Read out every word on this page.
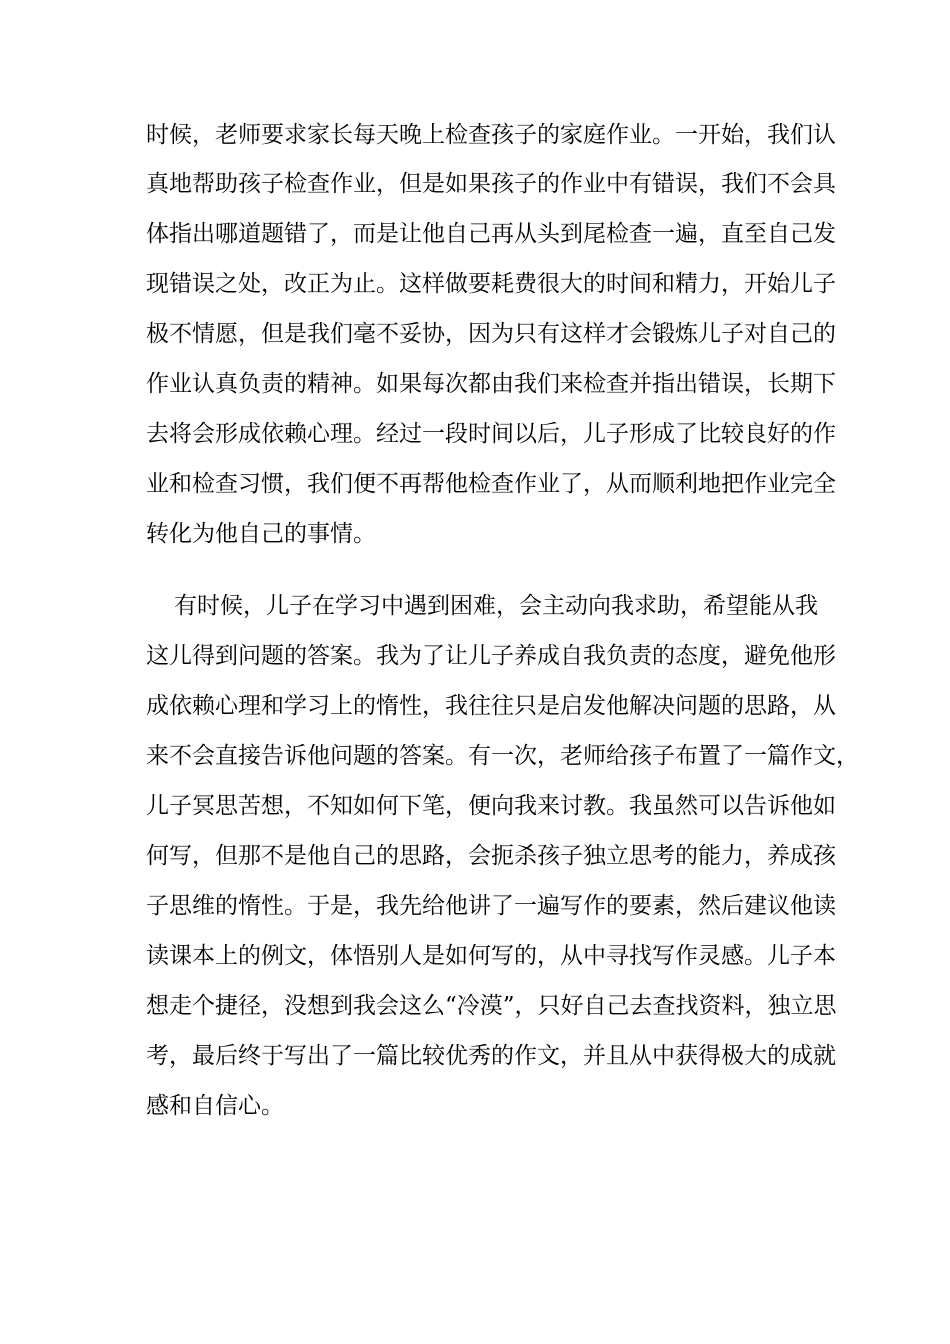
时候，老师要求家长每天晚上检查孩子的家庭作业。一开始，我们认

真地帮助孩子检查作业，但是如果孩子的作业中有错误，我们不会具

体指出哪道题错了，而是让他自己再从头到尾检查一遍，直至自己发

现错误之处，改正为止。这样做要耗费很大的时间和精力，开始儿子

极不情愿，但是我们毫不妥协，因为只有这样才会锻炼儿子对自己的

作业认真负责的精神。如果每次都由我们来检查并指出错误，长期下

去将会形成依赖心理。经过一段时间以后，儿子形成了比较良好的作

业和检查习惯，我们便不再帮他检查作业了，从而顺利地把作业完全

转化为他自己的事情。

有时候，儿子在学习中遇到困难，会主动向我求助，希望能从我

这儿得到问题的答案。我为了让儿子养成自我负责的态度，避免他形

成依赖心理和学习上的惰性，我往往只是启发他解决问题的思路，从

来不会直接告诉他问题的答案。有一次，老师给孩子布置了一篇作文，

儿子冥思苦想，不知如何下笔，便向我来讨教。我虽然可以告诉他如

何写，但那不是他自己的思路，会扼杀孩子独立思考的能力，养成孩

子思维的惰性。于是，我先给他讲了一遍写作的要素，然后建议他读

读课本上的例文，体悟别人是如何写的，从中寻找写作灵感。儿子本

想走个捷径，没想到我会这么“冷漠”，只好自己去查找资料，独立思

考，最后终于写出了一篇比较优秀的作文，并且从中获得极大的成就

感和自信心。
